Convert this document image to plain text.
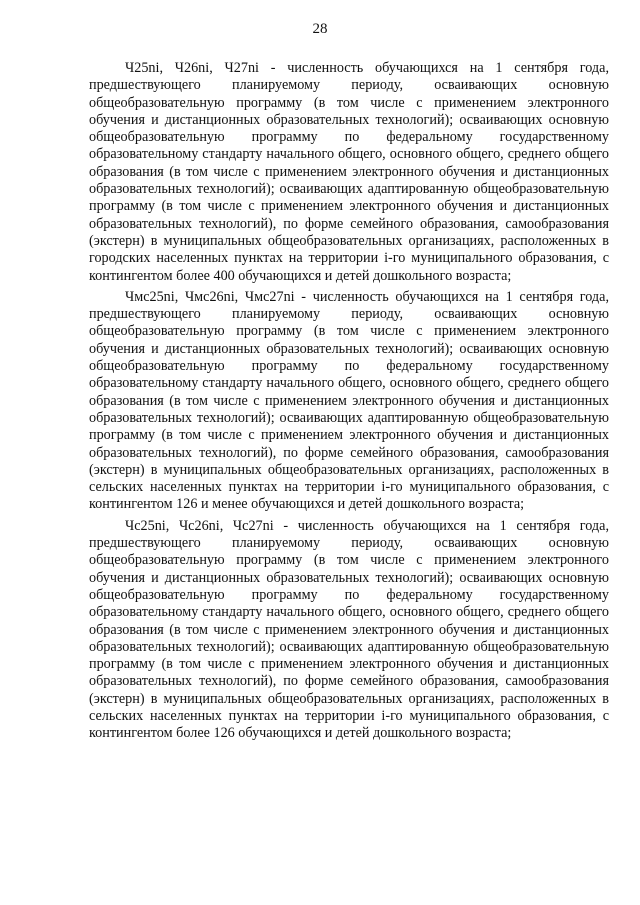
28

Ч25ni, Ч26ni, Ч27ni - численность обучающихся на 1 сентября года, предшествующего планируемому периоду, осваивающих основную общеобразовательную программу (в том числе с применением электронного обучения и дистанционных образовательных технологий); осваивающих основную общеобразовательную программу по федеральному государственному образовательному стандарту начального общего, основного общего, среднего общего образования (в том числе с применением электронного обучения и дистанционных образовательных технологий); осваивающих адаптированную общеобразовательную программу (в том числе с применением электронного обучения и дистанционных образовательных технологий), по форме семейного образования, самообразования (экстерн) в муниципальных общеобразовательных организациях, расположенных в городских населенных пунктах на территории i-го муниципального образования, с контингентом более 400 обучающихся и детей дошкольного возраста;

Чмс25ni, Чмс26ni, Чмс27ni - численность обучающихся на 1 сентября года, предшествующего планируемому периоду, осваивающих основную общеобразовательную программу (в том числе с применением электронного обучения и дистанционных образовательных технологий); осваивающих основную общеобразовательную программу по федеральному государственному образовательному стандарту начального общего, основного общего, среднего общего образования (в том числе с применением электронного обучения и дистанционных образовательных технологий); осваивающих адаптированную общеобразовательную программу (в том числе с применением электронного обучения и дистанционных образовательных технологий), по форме семейного образования, самообразования (экстерн) в муниципальных общеобразовательных организациях, расположенных в сельских населенных пунктах на территории i-го муниципального образования, с контингентом 126 и менее обучающихся и детей дошкольного возраста;

Чс25ni, Чс26ni, Чс27ni - численность обучающихся на 1 сентября года, предшествующего планируемому периоду, осваивающих основную общеобразовательную программу (в том числе с применением электронного обучения и дистанционных образовательных технологий); осваивающих основную общеобразовательную программу по федеральному государственному образовательному стандарту начального общего, основного общего, среднего общего образования (в том числе с применением электронного обучения и дистанционных образовательных технологий); осваивающих адаптированную общеобразовательную программу (в том числе с применением электронного обучения и дистанционных образовательных технологий), по форме семейного образования, самообразования (экстерн) в муниципальных общеобразовательных организациях, расположенных в сельских населенных пунктах на территории i-го муниципального образования, с контингентом более 126 обучающихся и детей дошкольного возраста;
